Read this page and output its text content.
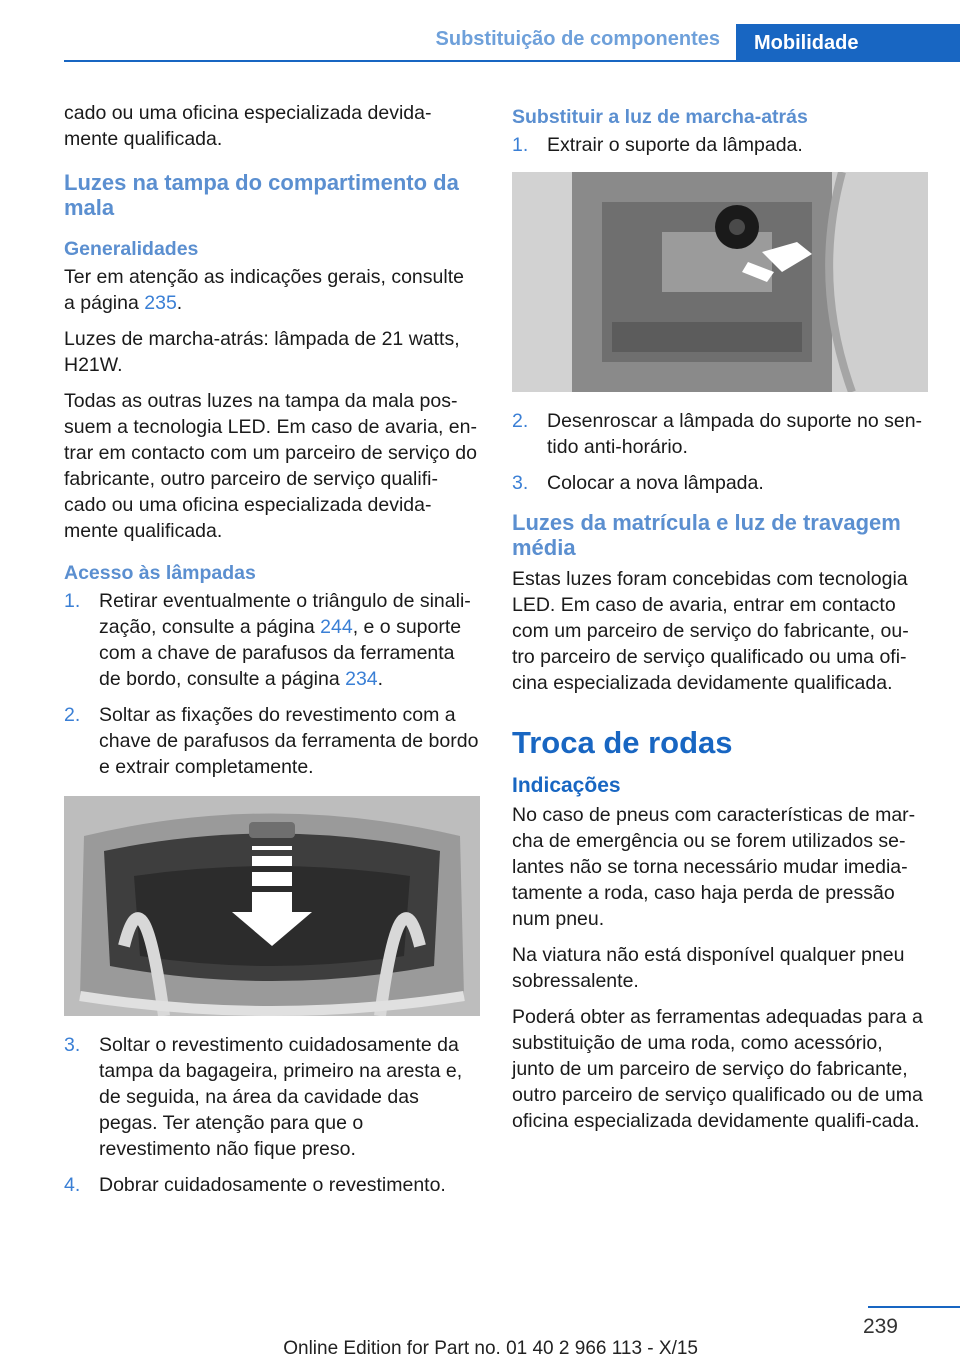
Substituição de componentes	Mobilidade

cado ou uma oficina especializada devida-mente qualificada.

Luzes na tampa do compartimento da mala
Generalidades

Ter em atenção as indicações gerais, consulte a página 235.

Luzes de marcha-atrás: lâmpada de 21 watts, H21W.

Todas as outras luzes na tampa da mala pos-suem a tecnologia LED. Em caso de avaria, en-trar em contacto com um parceiro de serviço do fabricante, outro parceiro de serviço qualifi-cado ou uma oficina especializada devida-mente qualificada.

Acesso às lâmpadas
1. Retirar eventualmente o triângulo de sinali-zação, consulte a página 244, e o suporte com a chave de parafusos da ferramenta de bordo, consulte a página 234.
2. Soltar as fixações do revestimento com a chave de parafusos da ferramenta de bordo e extrair completamente.
3. Soltar o revestimento cuidadosamente da tampa da bagageira, primeiro na aresta e, de seguida, na área da cavidade das pegas. Ter atenção para que o revestimento não fique preso.
4. Dobrar cuidadosamente o revestimento.
Substituir a luz de marcha-atrás
1. Extrair o suporte da lâmpada.
2. Desenroscar a lâmpada do suporte no sen-tido anti-horário.
3. Colocar a nova lâmpada.
Luzes da matrícula e luz de travagem média

Estas luzes foram concebidas com tecnologia LED. Em caso de avaria, entrar em contacto com um parceiro de serviço do fabricante, ou-tro parceiro de serviço qualificado ou uma ofi-cina especializada devidamente qualificada.

Troca de rodas
Indicações

No caso de pneus com características de mar-cha de emergência ou se forem utilizados se-lantes não se torna necessário mudar imedia-tamente a roda, caso haja perda de pressão num pneu.

Na viatura não está disponível qualquer pneu sobressalente.

Poderá obter as ferramentas adequadas para a substituição de uma roda, como acessório, junto de um parceiro de serviço do fabricante, outro parceiro de serviço qualificado ou de uma oficina especializada devidamente qualifi-cada.

239
Online Edition for Part no. 01 40 2 966 113 - X/15
